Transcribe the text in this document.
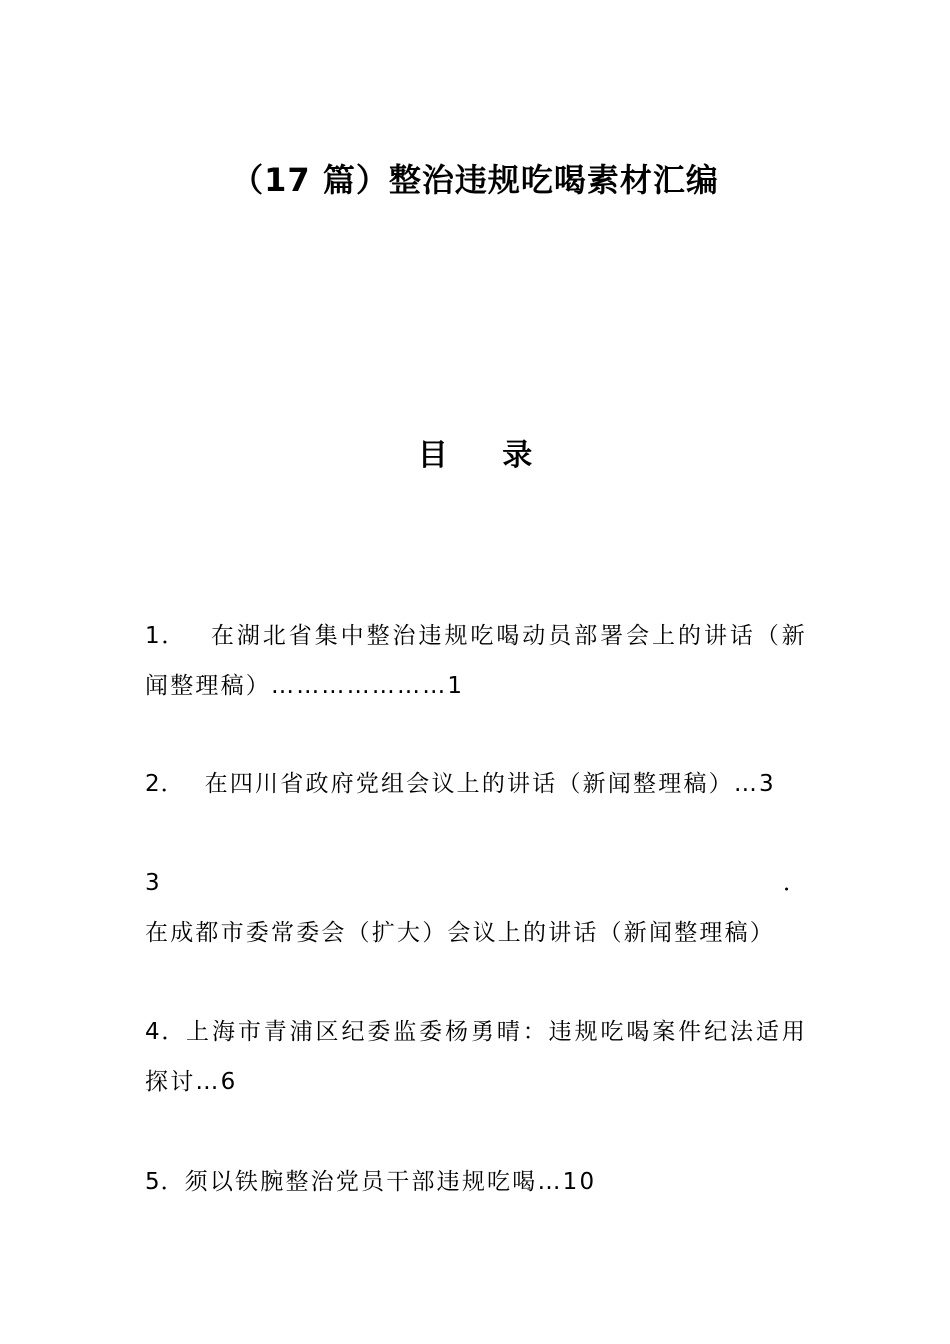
（17 篇）整治违规吃喝素材汇编
目 录
1． 在湖北省集中整治违规吃喝动员部署会上的讲话（新闻整理稿）…………………1
2． 在四川省政府党组会议上的讲话（新闻整理稿）…3
3．在成都市委常委会（扩大）会议上的讲话（新闻整理稿）
4．上海市青浦区纪委监委杨勇晴：违规吃喝案件纪法适用探讨…6
5．须以铁腕整治党员干部违规吃喝…10
